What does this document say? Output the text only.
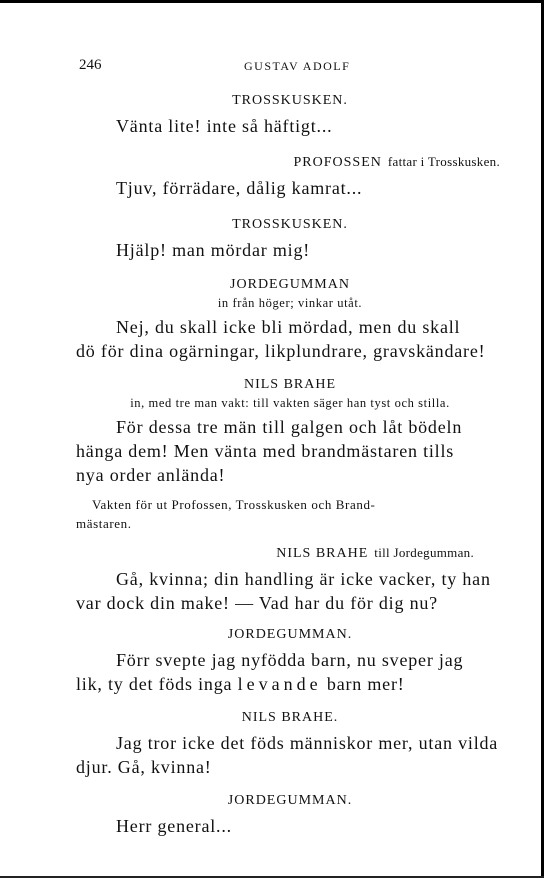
246	GUSTAV ADOLF

TROSSKUSKEN.

Vänta lite! inte så häftigt...

PROFOSSEN fattar i Trosskusken.

Tjuv, förrädare, dålig kamrat...

TROSSKUSKEN.

Hjälp! man mördar mig!

JORDEGUMMAN

in från höger; vinkar utåt.

Nej, du skall icke bli mördad, men du skall
dö för dina ogärningar, likplundrare, gravskändare!

NILS BRAHE

in, med tre man vakt: till vakten säger han tyst och stilla.

För dessa tre män till galgen och låt bödeln
hänga dem! Men vänta med brandmästaren tills
nya order anlända!

Vakten för ut Profossen, Trosskusken och Brand-
mästaren.

NILS BRAHE till Jordegumman.

Gå, kvinna; din handling är icke vacker, ty han
var dock din make! — Vad har du för dig nu?

JORDEGUMMAN.

Förr svepte jag nyfödda barn, nu sveper jag
lik, ty det föds inga levande barn mer!

NILS BRAHE.

Jag tror icke det föds människor mer, utan vilda
djur. Gå, kvinna!

JORDEGUMMAN.

Herr general...
